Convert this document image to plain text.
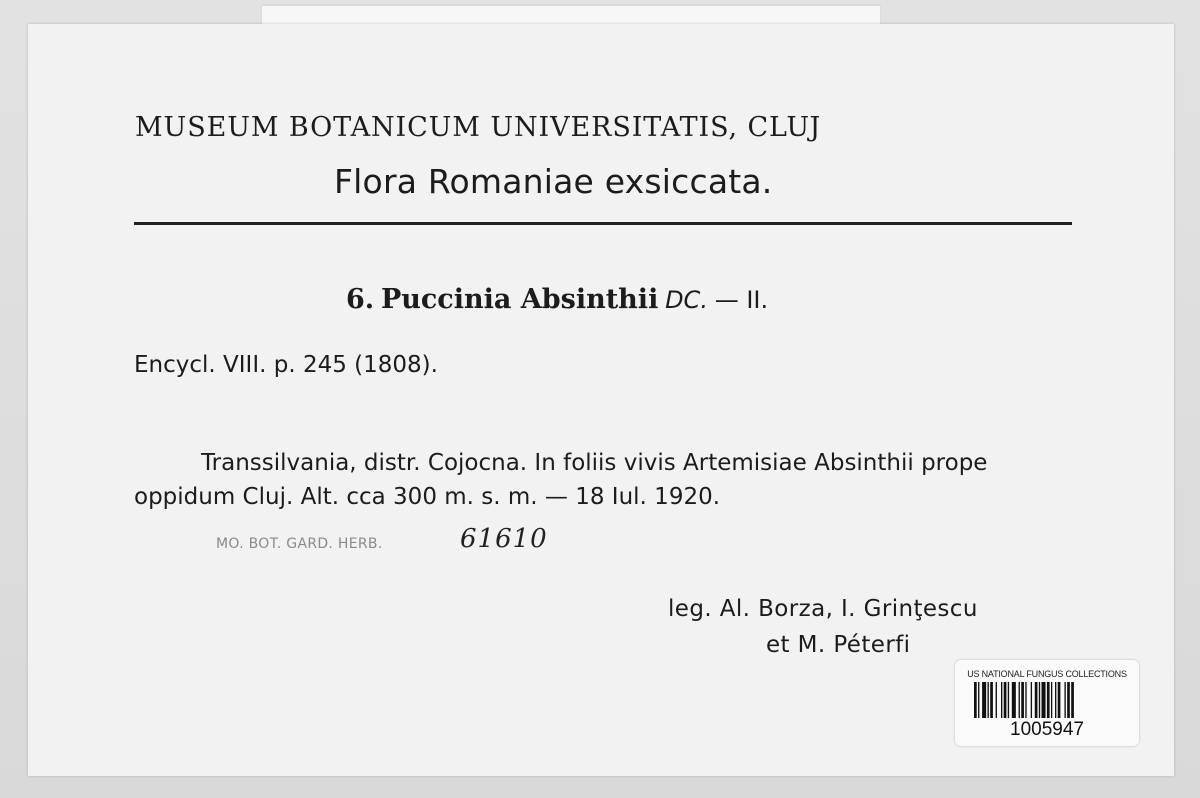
MUSEUM BOTANICUM UNIVERSITATIS, CLUJ
Flora Romaniae exsiccata.
6. Puccinia Absinthii DC. — II.
Encycl. VIII. p. 245 (1808).
Transsilvania, distr. Cojocna. In foliis vivis Artemisiae Absinthii prope
oppidum Cluj. Alt. cca 300 m. s. m. — 18 Iul. 1920.
MO. BOT. GARD. HERB.	61610
leg. Al. Borza, I. Grinţescu
et M. Péterfi
US NATIONAL FUNGUS COLLECTIONS
1005947
